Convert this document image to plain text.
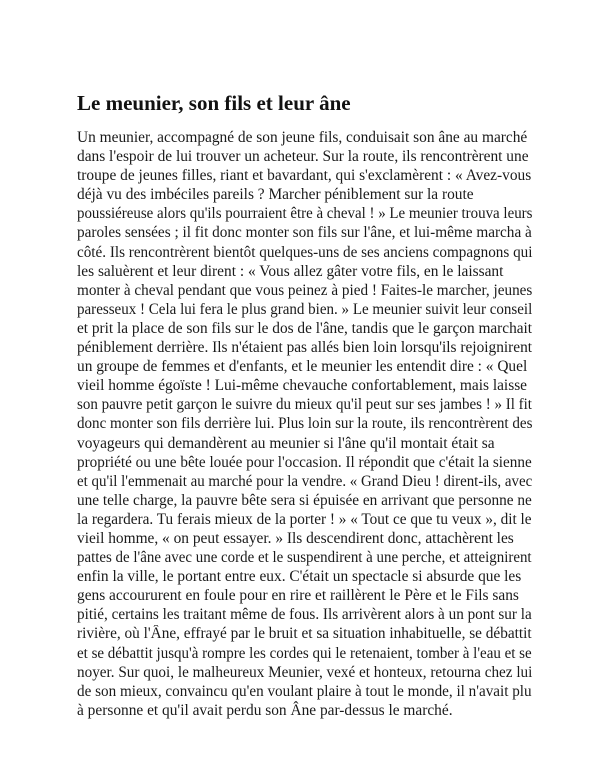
Le meunier, son fils et leur âne
Un meunier, accompagné de son jeune fils, conduisait son âne au marché
dans l'espoir de lui trouver un acheteur. Sur la route, ils rencontrèrent une
troupe de jeunes filles, riant et bavardant, qui s'exclamèrent : « Avez-vous
déjà vu des imbéciles pareils ? Marcher péniblement sur la route
poussiéreuse alors qu'ils pourraient être à cheval ! » Le meunier trouva leurs
paroles sensées ; il fit donc monter son fils sur l'âne, et lui-même marcha à
côté. Ils rencontrèrent bientôt quelques-uns de ses anciens compagnons qui
les saluèrent et leur dirent : « Vous allez gâter votre fils, en le laissant
monter à cheval pendant que vous peinez à pied ! Faites-le marcher, jeunes
paresseux ! Cela lui fera le plus grand bien. » Le meunier suivit leur conseil
et prit la place de son fils sur le dos de l'âne, tandis que le garçon marchait
péniblement derrière. Ils n'étaient pas allés bien loin lorsqu'ils rejoignirent
un groupe de femmes et d'enfants, et le meunier les entendit dire : « Quel
vieil homme égoïste ! Lui-même chevauche confortablement, mais laisse
son pauvre petit garçon le suivre du mieux qu'il peut sur ses jambes ! » Il fit
donc monter son fils derrière lui. Plus loin sur la route, ils rencontrèrent des
voyageurs qui demandèrent au meunier si l'âne qu'il montait était sa
propriété ou une bête louée pour l'occasion. Il répondit que c'était la sienne
et qu'il l'emmenait au marché pour la vendre. « Grand Dieu ! dirent-ils, avec
une telle charge, la pauvre bête sera si épuisée en arrivant que personne ne
la regardera. Tu ferais mieux de la porter ! » « Tout ce que tu veux », dit le
vieil homme, « on peut essayer. » Ils descendirent donc, attachèrent les
pattes de l'âne avec une corde et le suspendirent à une perche, et atteignirent
enfin la ville, le portant entre eux. C'était un spectacle si absurde que les
gens accoururent en foule pour en rire et raillèrent le Père et le Fils sans
pitié, certains les traitant même de fous. Ils arrivèrent alors à un pont sur la
rivière, où l'Âne, effrayé par le bruit et sa situation inhabituelle, se débattit
et se débattit jusqu'à rompre les cordes qui le retenaient, tomber à l'eau et se
noyer. Sur quoi, le malheureux Meunier, vexé et honteux, retourna chez lui
de son mieux, convaincu qu'en voulant plaire à tout le monde, il n'avait plu
à personne et qu'il avait perdu son Âne par-dessus le marché.
